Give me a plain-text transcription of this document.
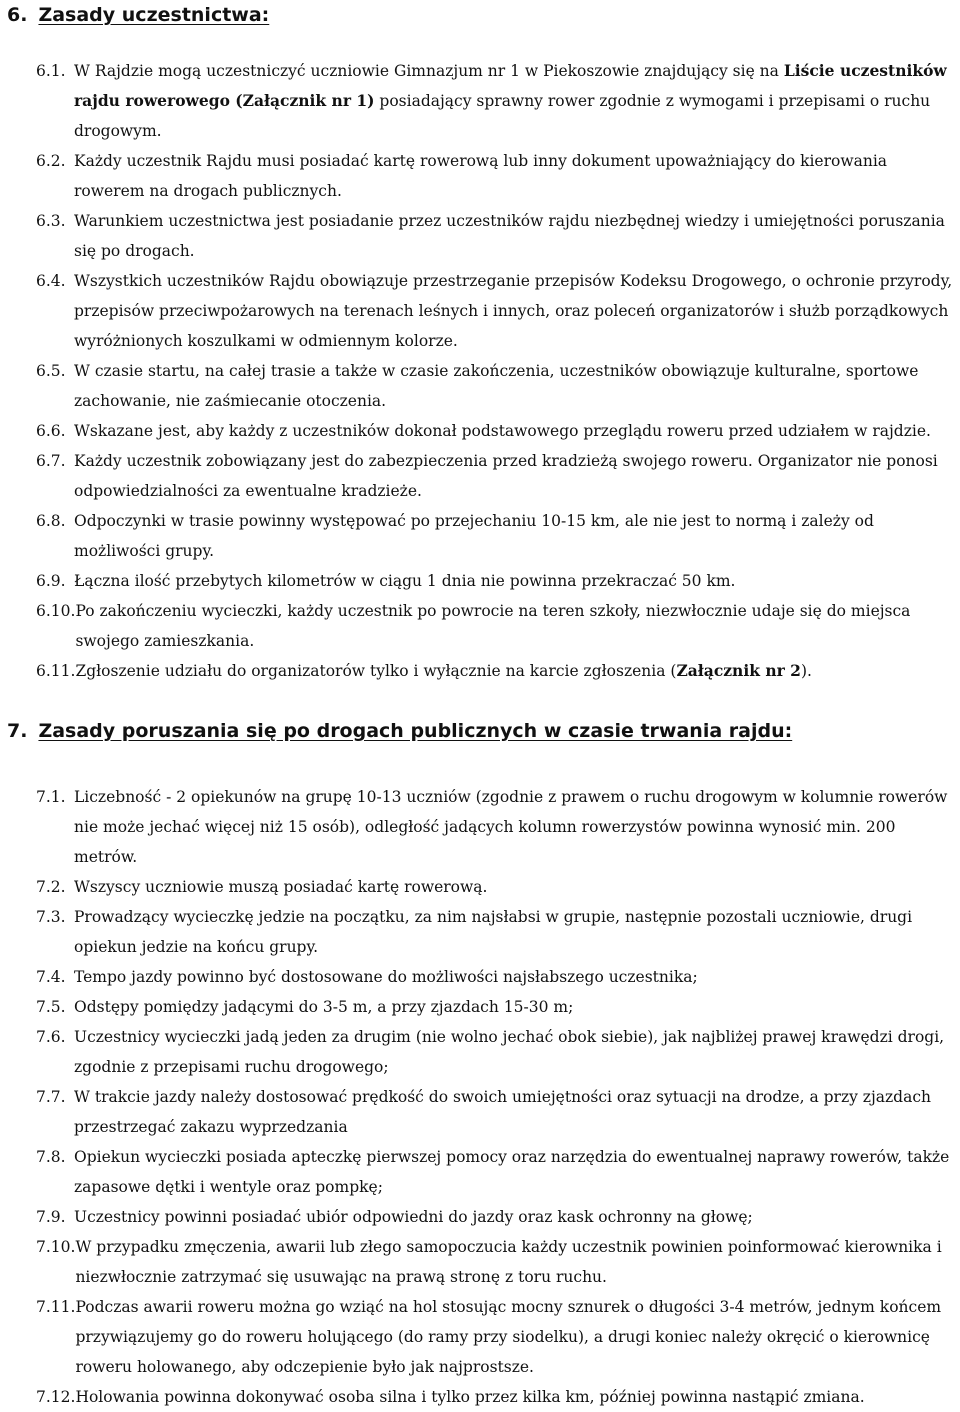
6. Zasady uczestnictwa:
6.1. W Rajdzie mogą uczestniczyć uczniowie Gimnazjum nr 1 w Piekoszowie znajdujący się na Liście uczestników rajdu rowerowego (Załącznik nr 1) posiadający sprawny rower zgodnie z wymogami i przepisami o ruchu drogowym.
6.2. Każdy uczestnik Rajdu musi posiadać kartę rowerową lub inny dokument upoważniający do kierowania rowerem na drogach publicznych.
6.3. Warunkiem uczestnictwa jest posiadanie przez uczestników rajdu niezbędnej wiedzy i umiejętności poruszania się po drogach.
6.4. Wszystkich uczestników Rajdu obowiązuje przestrzeganie przepisów Kodeksu Drogowego, o ochronie przyrody, przepisów przeciwpożarowych na terenach leśnych i innych, oraz poleceń organizatorów i służb porządkowych wyróżnionych koszulkami w odmiennym kolorze.
6.5. W czasie startu, na całej trasie a także w czasie zakończenia, uczestników obowiązuje kulturalne, sportowe zachowanie, nie zaśmiecanie otoczenia.
6.6. Wskazane jest, aby każdy z uczestników dokonał podstawowego przeglądu roweru przed udziałem w rajdzie.
6.7. Każdy uczestnik zobowiązany jest do zabezpieczenia przed kradzieżą swojego roweru. Organizator nie ponosi odpowiedzialności za ewentualne kradzieże.
6.8. Odpoczynki w trasie powinny występować po przejechaniu 10-15 km, ale nie jest to normą i zależy od możliwości grupy.
6.9. Łączna ilość przebytych kilometrów w ciągu 1 dnia nie powinna przekraczać 50 km.
6.10. Po zakończeniu wycieczki, każdy uczestnik po powrocie na teren szkoły, niezwłocznie udaje się do miejsca swojego zamieszkania.
6.11. Zgłoszenie udziału do organizatorów tylko i wyłącznie na karcie zgłoszenia (Załącznik nr 2).
7. Zasady poruszania się po drogach publicznych w czasie trwania rajdu:
7.1. Liczebność - 2 opiekunów na grupę 10-13 uczniów (zgodnie z prawem o ruchu drogowym w kolumnie rowerów nie może jechać więcej niż 15 osób), odległość jadących kolumn rowerzystów powinna wynosić min. 200 metrów.
7.2. Wszyscy uczniowie muszą posiadać kartę rowerową.
7.3. Prowadzący wycieczkę jedzie na początku, za nim najsłabsi w grupie, następnie pozostali uczniowie, drugi opiekun jedzie na końcu grupy.
7.4. Tempo jazdy powinno być dostosowane do możliwości najsłabszego uczestnika;
7.5. Odstępy pomiędzy jadącymi do 3-5 m, a przy zjazdach 15-30 m;
7.6. Uczestnicy wycieczki jadą jeden za drugim (nie wolno jechać obok siebie), jak najbliżej prawej krawędzi drogi, zgodnie z przepisami ruchu drogowego;
7.7. W trakcie jazdy należy dostosować prędkość do swoich umiejętności oraz sytuacji na drodze, a przy zjazdach przestrzegać zakazu wyprzedzania
7.8. Opiekun wycieczki posiada apteczkę pierwszej pomocy oraz narzędzia do ewentualnej naprawy rowerów, także zapasowe dętki i wentyle oraz pompkę;
7.9. Uczestnicy powinni posiadać ubiór odpowiedni do jazdy oraz kask ochronny na głowę;
7.10. W przypadku zmęczenia, awarii lub złego samopoczucia każdy uczestnik powinien poinformować kierownika i niezwłocznie zatrzymać się usuwając na prawą stronę z toru ruchu.
7.11. Podczas awarii roweru można go wziąć na hol stosując mocny sznurek o długości 3-4 metrów, jednym końcem przywiązujemy go do roweru holującego (do ramy przy siodelku), a drugi koniec należy okręcić o kierownicę roweru holowanego, aby odczepienie było jak najprostsze.
7.12. Holowania powinna dokonywać osoba silna i tylko przez kilka km, później powinna nastąpić zmiana.
